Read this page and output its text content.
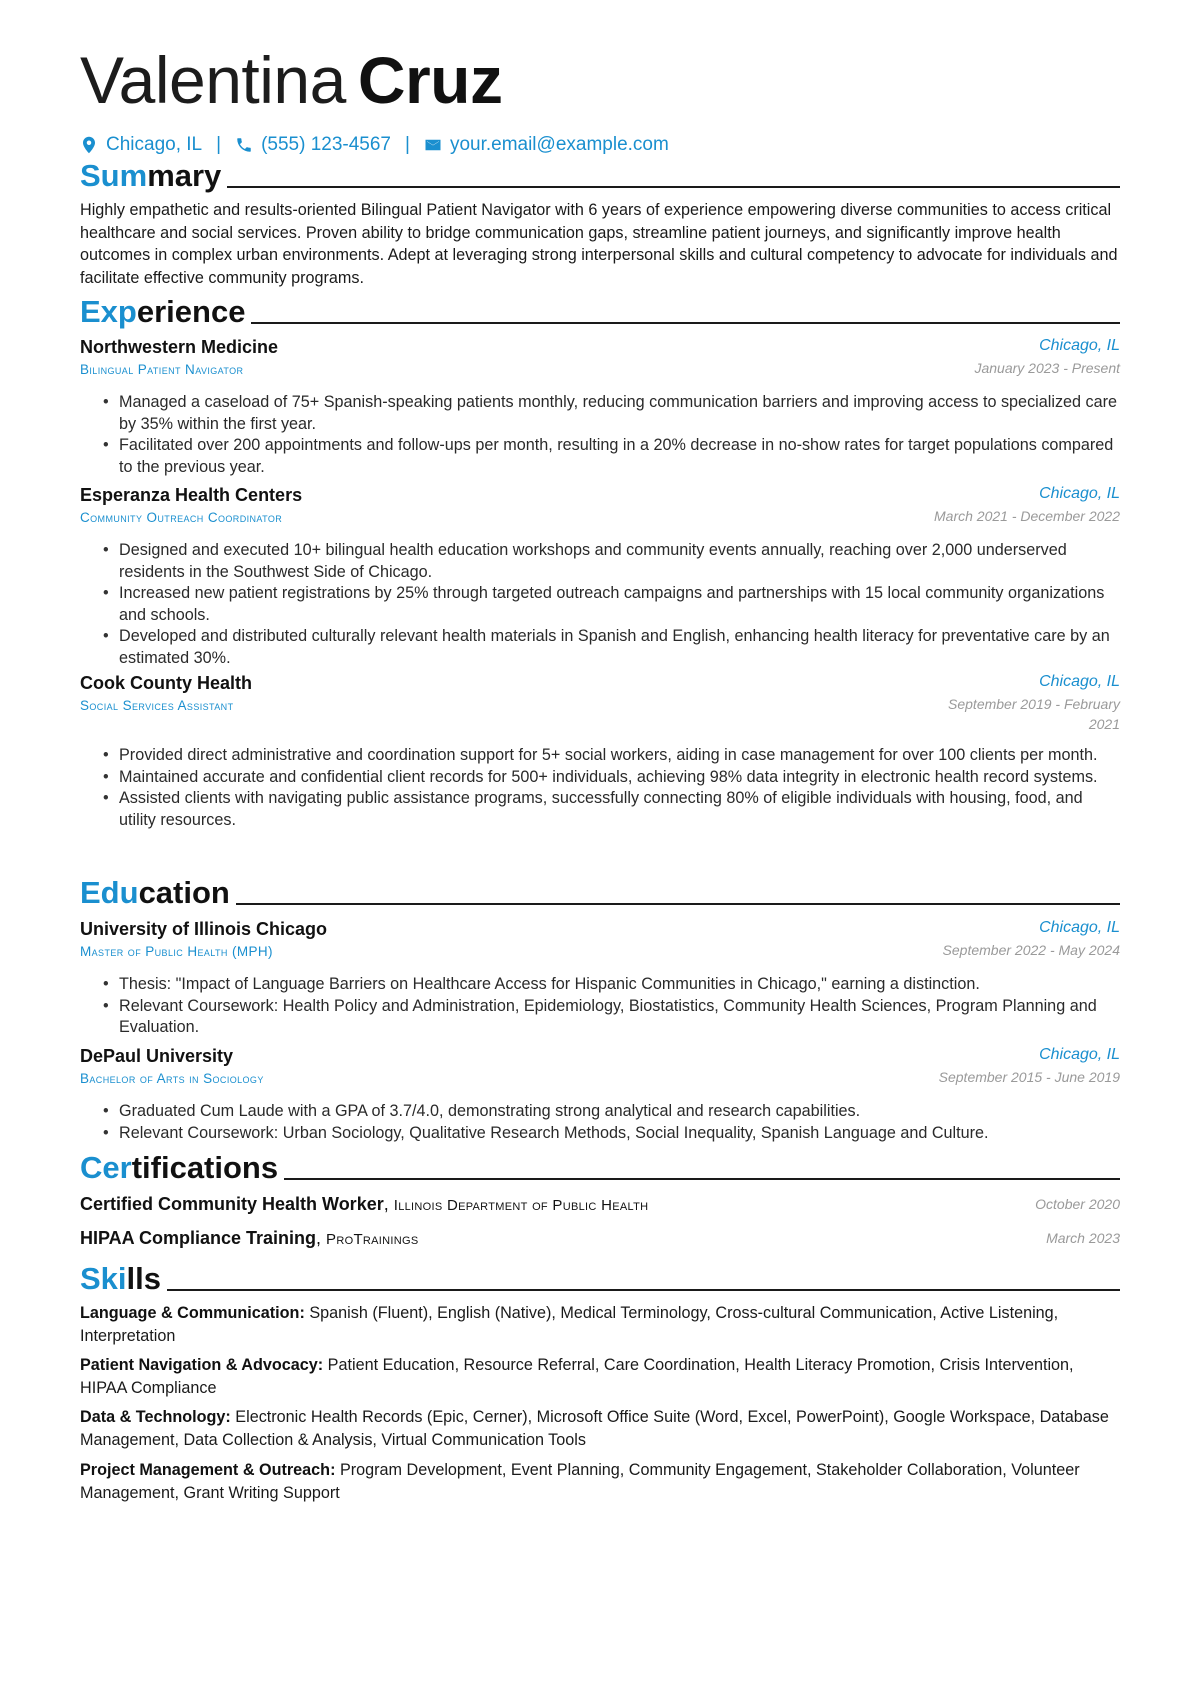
Valentina Cruz
Chicago, IL | (555) 123-4567 | your.email@example.com
Summary
Highly empathetic and results-oriented Bilingual Patient Navigator with 6 years of experience empowering diverse communities to access critical healthcare and social services. Proven ability to bridge communication gaps, streamline patient journeys, and significantly improve health outcomes in complex urban environments. Adept at leveraging strong interpersonal skills and cultural competency to advocate for individuals and facilitate effective community programs.
Experience
Northwestern Medicine	Chicago, IL
Bilingual Patient Navigator	January 2023 - Present
• Managed a caseload of 75+ Spanish-speaking patients monthly, reducing communication barriers and improving access to specialized care by 35% within the first year.
• Facilitated over 200 appointments and follow-ups per month, resulting in a 20% decrease in no-show rates for target populations compared to the previous year.
Esperanza Health Centers	Chicago, IL
Community Outreach Coordinator	March 2021 - December 2022
• Designed and executed 10+ bilingual health education workshops and community events annually, reaching over 2,000 underserved residents in the Southwest Side of Chicago.
• Increased new patient registrations by 25% through targeted outreach campaigns and partnerships with 15 local community organizations and schools.
• Developed and distributed culturally relevant health materials in Spanish and English, enhancing health literacy for preventative care by an estimated 30%.
Cook County Health	Chicago, IL
Social Services Assistant	September 2019 - February 2021
• Provided direct administrative and coordination support for 5+ social workers, aiding in case management for over 100 clients per month.
• Maintained accurate and confidential client records for 500+ individuals, achieving 98% data integrity in electronic health record systems.
• Assisted clients with navigating public assistance programs, successfully connecting 80% of eligible individuals with housing, food, and utility resources.
Education
University of Illinois Chicago	Chicago, IL
Master of Public Health (MPH)	September 2022 - May 2024
• Thesis: "Impact of Language Barriers on Healthcare Access for Hispanic Communities in Chicago," earning a distinction.
• Relevant Coursework: Health Policy and Administration, Epidemiology, Biostatistics, Community Health Sciences, Program Planning and Evaluation.
DePaul University	Chicago, IL
Bachelor of Arts in Sociology	September 2015 - June 2019
• Graduated Cum Laude with a GPA of 3.7/4.0, demonstrating strong analytical and research capabilities.
• Relevant Coursework: Urban Sociology, Qualitative Research Methods, Social Inequality, Spanish Language and Culture.
Certifications
Certified Community Health Worker, Illinois Department of Public Health	October 2020
HIPAA Compliance Training, ProTrainings	March 2023
Skills
Language & Communication: Spanish (Fluent), English (Native), Medical Terminology, Cross-cultural Communication, Active Listening, Interpretation
Patient Navigation & Advocacy: Patient Education, Resource Referral, Care Coordination, Health Literacy Promotion, Crisis Intervention, HIPAA Compliance
Data & Technology: Electronic Health Records (Epic, Cerner), Microsoft Office Suite (Word, Excel, PowerPoint), Google Workspace, Database Management, Data Collection & Analysis, Virtual Communication Tools
Project Management & Outreach: Program Development, Event Planning, Community Engagement, Stakeholder Collaboration, Volunteer Management, Grant Writing Support
